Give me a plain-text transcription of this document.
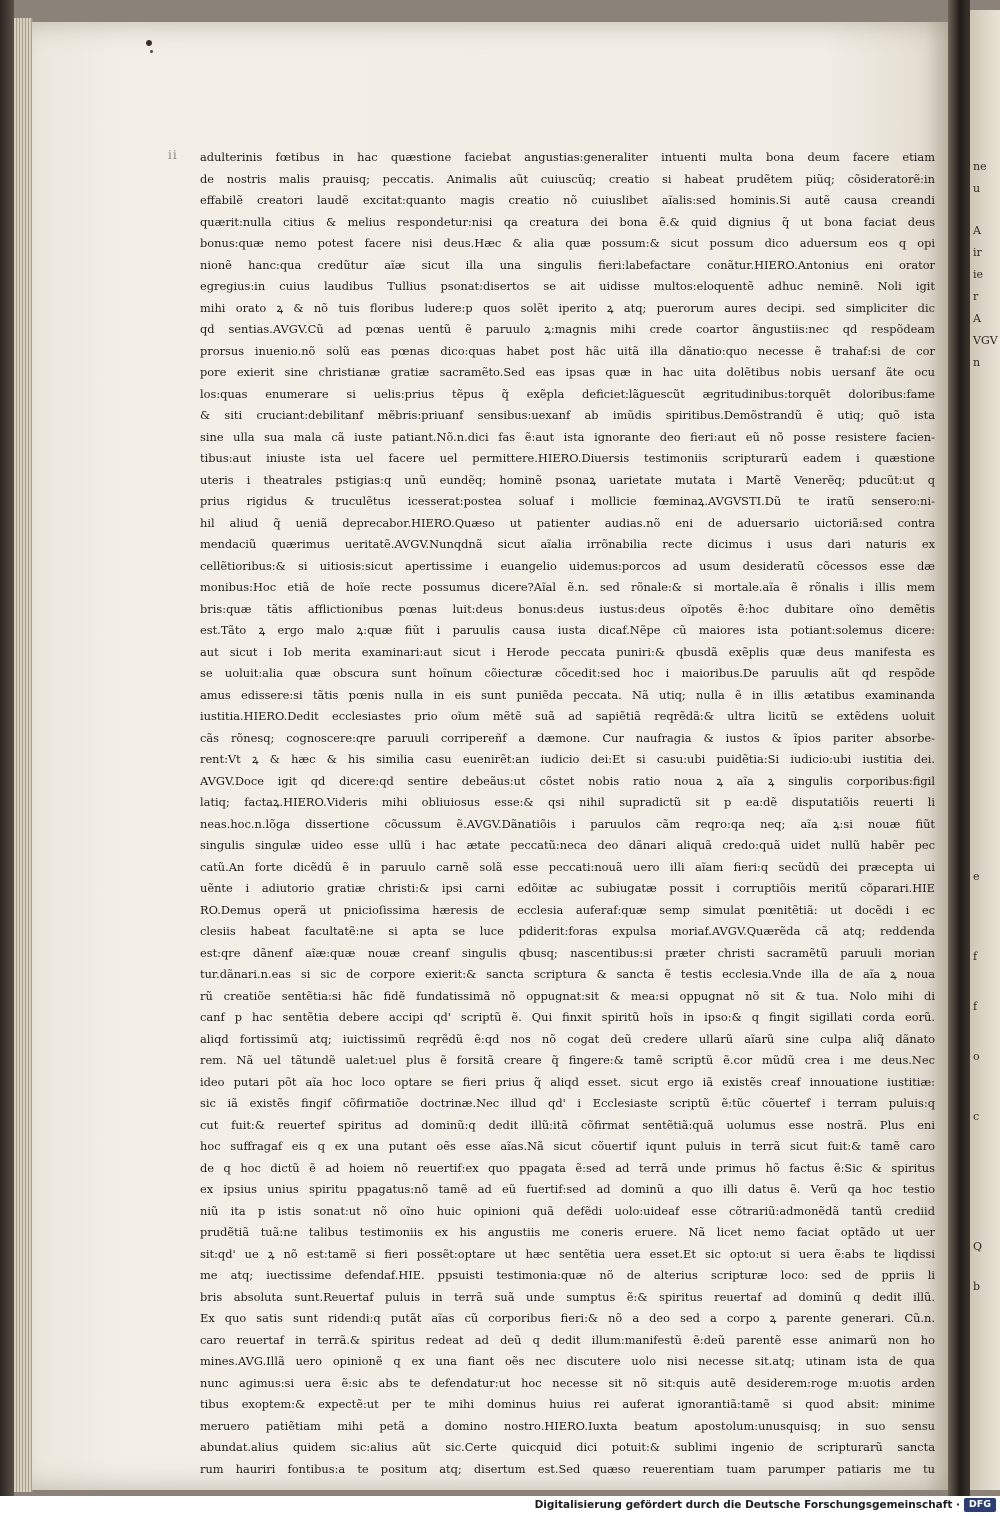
ii adulterinis fœtibus in hac quæstione faciebat angustias:generaliter intuenti multa bona deum facere etiam
de nostris malis prauisq; peccatis. Animalis aũt cuiuscũq; creatio si habeat prudẽtem piũq; cõsideratorẽ:in
effabilẽ creatori laudẽ excitat:quanto magis creatio nõ cuiuslibet aĩalis:sed hominis.Si autẽ causa creandi
quærit:nulla citius & melius respondetur:nisi qa creatura dei bona ẽ.& quid dignius q̃ ut bona faciat deus
bonus:quæ nemo potest facere nisi deus.Hæc & alia quæ possum:& sicut possum dico aduersum eos q opi
nionẽ hanc:qua credũtur aĩæ sicut illa una singulis fieri:labefactare conãtur.HIERO.Antonius eni orator
egregius:in cuius laudibus Tullius psonat:disertos se ait uidisse multos:eloquentẽ adhuc neminẽ. Noli igit
mihi orato ꝝ & nõ tuis floribus ludere:p quos solẽt iperito ꝝ atq; puerorum aures decipi. sed simpliciter dic
qd sentias.AVGV.Cũ ad pœnas uentũ ẽ paruulo ꝝ:magnis mihi crede coartor ãngustiis:nec qd respõdeam
prorsus inuenio.nõ solũ eas pœnas dico:quas habet post hãc uitã illa dãnatio:quo necesse ẽ trahaf:si de cor
pore exierit sine christianæ gratiæ sacramẽto.Sed eas ipsas quæ in hac uita dolẽtibus nobis uersanf ãte ocu
los:quas enumerare si uelis:prius tẽpus q̃ exẽpla deficiet:lãguescũt ægritudinibus:torquẽt doloribus:fame
& siti cruciant:debilitanf mẽbris:priuanf sensibus:uexanf ab imũdis spiritibus.Demõstrandũ ẽ utiq; quõ ista
sine ulla sua mala cã iuste patiant.Nõ.n.dici fas ẽ:aut ista ignorante deo fieri:aut eũ nõ posse resistere facien-
tibus:aut iniuste ista uel facere uel permittere.HIERO.Diuersis testimoniis scripturarũ eadem i quæstione
uteris i theatrales pstigias:q unũ eundẽq; hominẽ psonaꝝ uarietate mutata i Martẽ Venerẽq; pducũt:ut q
prius rigidus & truculẽtus icesserat:postea soluaf i mollicie fœminaꝝ.AVGVSTI.Dũ te iratũ sensero:ni-
hil aliud q̃ ueniã deprecabor.HIERO.Quæso ut patienter audias.nõ eni de aduersario uictoriã:sed contra
mendaciũ quærimus ueritatẽ.AVGV.Nunqdnã sicut aĩalia irrõnabilia recte dicimus i usus dari naturis ex
cellẽtioribus:& si uitiosis:sicut apertissime i euangelio uidemus:porcos ad usum desideratũ cõcessos esse dæ
monibus:Hoc etiã de hoĩe recte possumus dicere?Aĩal ẽ.n. sed rõnale:& si mortale.aĩa ẽ rõnalis i illis mem
bris:quæ tãtis afflictionibus pœnas luit:deus bonus:deus iustus:deus oĩpotẽs ẽ:hoc dubitare oĩno demẽtis
est.Tãto ꝝ ergo malo ꝝ:quæ fiũt i paruulis causa iusta dicaf.Nẽpe cũ maiores ista potiant:solemus dicere:
aut sicut i Iob merita examinari:aut sicut i Herode peccata puniri:& qbusdã exẽplis quæ deus manifesta es
se uoluit:alia quæ obscura sunt hoĩnum cõiecturæ cõcedit:sed hoc i maioribus.De paruulis aũt qd respõde
amus edissere:si tãtis pœnis nulla in eis sunt puniẽda peccata. Nã utiq; nulla ẽ in illis ætatibus examinanda
iustitia.HIERO.Dedit ecclesiastes prio oĩum mẽtẽ suã ad sapiẽtiã reqrẽdã:& ultra licitũ se extẽdens uoluit
cãs rõnesq; cognoscere:qre paruuli corripereñf a dæmone. Cur naufragia & iustos & ĩpios pariter absorbe-
rent:Vt ꝝ & hæc & his similia casu euenirẽt:an iudicio dei:Et si casu:ubi puidẽtia:Si iudicio:ubi iustitia dei.
AVGV.Doce igit qd dicere:qd sentire debeãus:ut cõstet nobis ratio noua ꝝ aĩa ꝝ singulis corporibus:figil
latiq; factaꝝ.HIERO.Videris mihi obliuiosus esse:& qsi nihil supradictũ sit p ea:dẽ disputatiõis reuerti li
neas.hoc.n.lõga dissertione cõcussum ẽ.AVGV.Dãnatiõis i paruulos cãm reqro:qa neq; aĩa ꝝ:si nouæ fiũt
singulis singulæ uideo esse ullũ i hac ætate peccatũ:neca deo dãnari aliquã credo:quã uidet nullũ habẽr pec
catũ.An forte dicẽdũ ẽ in paruulo carnẽ solã esse peccati:nouã uero illi aĩam fieri:q secũdũ dei præcepta ui
uẽnte i adiutorio gratiæ christi:& ipsi carni edõitæ ac subiugatæ possit i corruptiõis meritũ cõparari.HIE
RO.Demus operã ut pnicioſissima hæresis de ecclesia auferaf:quæ semp simulat pœnitẽtiã: ut docẽdi i ec
clesiis habeat facultatẽ:ne si apta se luce pdiderit:foras expulsa moriaf.AVGV.Quærẽda cã atq; reddenda
est:qre dãnenf aĩæ:quæ nouæ creanf singulis qbusq; nascentibus:si præter christi sacramẽtũ paruuli morian
tur.dãnari.n.eas si sic de corpore exierit:& sancta scriptura & sancta ẽ testis ecclesia.Vnde illa de aĩa ꝝ noua
rũ creatiõe sentẽtia:si hãc fidẽ fundatissimã nõ oppugnat:sit & mea:si oppugnat nõ sit & tua. Nolo mihi di
canf p hac sentẽtia debere accipi qd' scriptũ ẽ. Qui finxit spiritũ hoĩs in ipso:& q fingit sigillati corda eorũ.
aliqd fortissimũ atq; iuictissimũ reqrẽdũ ẽ:qd nos nõ cogat deũ credere ullarũ aĩarũ sine culpa aliq̃ dãnato
rem. Nã uel tãtundẽ ualet:uel plus ẽ forsitã creare q̃ fingere:& tamẽ scriptũ ẽ.cor mũdũ crea i me deus.Nec
ideo putari põt aĩa hoc loco optare se fieri prius q̃ aliqd esset. sicut ergo iã existẽs creaf innouatione iustitiæ:
sic iã existẽs fingif cõfirmatiõe doctrinæ.Nec illud qd' i Ecclesiaste scriptũ ẽ:tũc cõuertef i terram puluis:q
cut fuit:& reuertef spiritus ad dominũ:q dedit illũ:itã cõfirmat sentẽtiã:quã uolumus esse nostrã. Plus eni
hoc suffragaf eis q ex una putant oẽs esse aĩas.Nã sicut cõuertif iqunt puluis in terrã sicut fuit:& tamẽ caro
de q hoc dictũ ẽ ad hoiem nõ reuertif:ex quo ppagata ẽ:sed ad terrã unde primus hõ factus ẽ:Sic & spiritus
ex ipsius unius spiritu ppagatus:nõ tamẽ ad eũ fuertif:sed ad dominũ a quo illi datus ẽ. Verũ qa hoc testio
niũ ita p istis sonat:ut nõ oĩno huic opinioni quã defẽdi uolo:uideaf esse cõtrariũ:admonẽdã tantũ crediid
prudẽtiã tuã:ne talibus testimoniis ex his angustiis me coneris eruere. Nã licet nemo faciat optãdo ut uer
sit:qd' ue ꝝ nõ est:tamẽ si fieri possẽt:optare ut hæc sentẽtia uera esset.Et sic opto:ut si uera ẽ:abs te liqdissi
me atq; iuectissime defendaf.HIE. ppsuisti testimonia:quæ nõ de alterius scripturæ loco: sed de ppriis li
bris absoluta sunt.Reuertaf puluis in terrã suã unde sumptus ẽ:& spiritus reuertaf ad dominũ q dedit illũ.
Ex quo satis sunt ridendi:q putãt aĩas cũ corporibus fieri:& nõ a deo sed a corpo ꝝ parente generari. Cũ.n.
caro reuertaf in terrã.& spiritus redeat ad deũ q dedit illum:manifestũ ẽ:deũ parentẽ esse animarũ non ho
mines.AVG.Illã uero opinionẽ q ex una fiant oẽs nec discutere uolo nisi necesse sit.atq; utinam ista de qua
nunc agimus:si uera ẽ:sic abs te defendatur:ut hoc necesse sit nõ sit:quis autẽ desiderem:roge m:uotis arden
tibus exoptem:& expectẽ:ut per te mihi dominus huius rei auferat ignorantiã:tamẽ si quod absit: minime
meruero patiẽtiam mihi petã a domino nostro.HIERO.Iuxta beatum apostolum:unusquisq; in suo sensu
abundat.alius quidem sic:alius aũt sic.Certe quicquid dici potuit:& sublimi ingenio de scripturarũ sancta
rum hauriri fontibus:a te positum atq; disertum est.Sed quæso reuerentiam tuam parumper patiaris me tu
ne
u
A
ir
ie
r
A
VGV
n
e
f
f
o
c
Q
b
Digitalisierung gefördert durch die Deutsche Forschungsgemeinschaft · DFG
